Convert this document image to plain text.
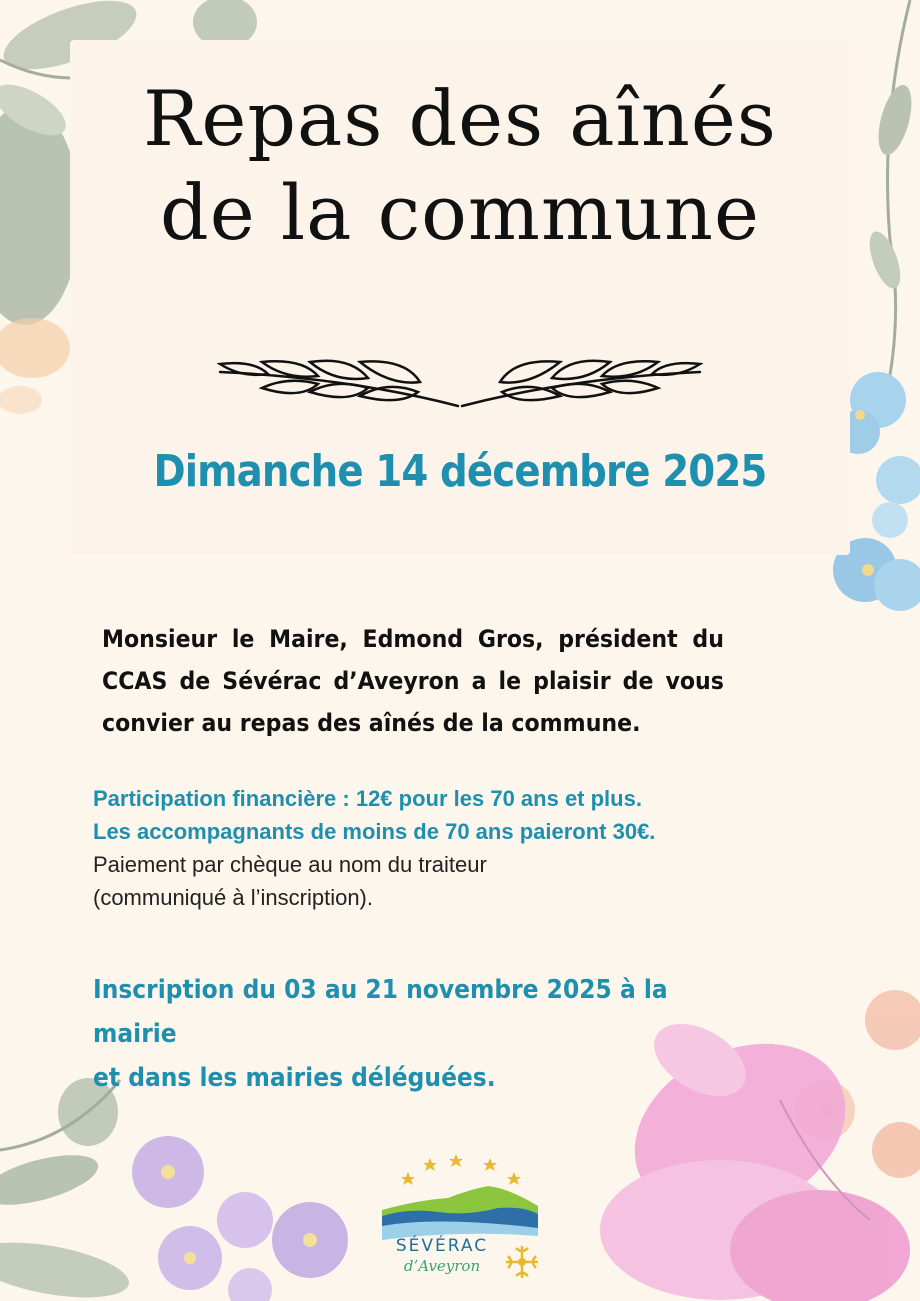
Repas des aînés
de la commune
Dimanche 14 décembre 2025
Monsieur le Maire, Edmond Gros, président du CCAS de Sévérac d’Aveyron a le plaisir de vous convier au repas des aînés de la commune.
Participation financière : 12€ pour les 70 ans et plus.
Les accompagnants de moins de 70 ans paieront 30€.
Paiement par chèque au nom du traiteur
(communiqué à l’inscription).
Inscription du 03 au 21 novembre 2025 à la mairie
et dans les mairies déléguées.
SÉVÉRAC
d’Aveyron
